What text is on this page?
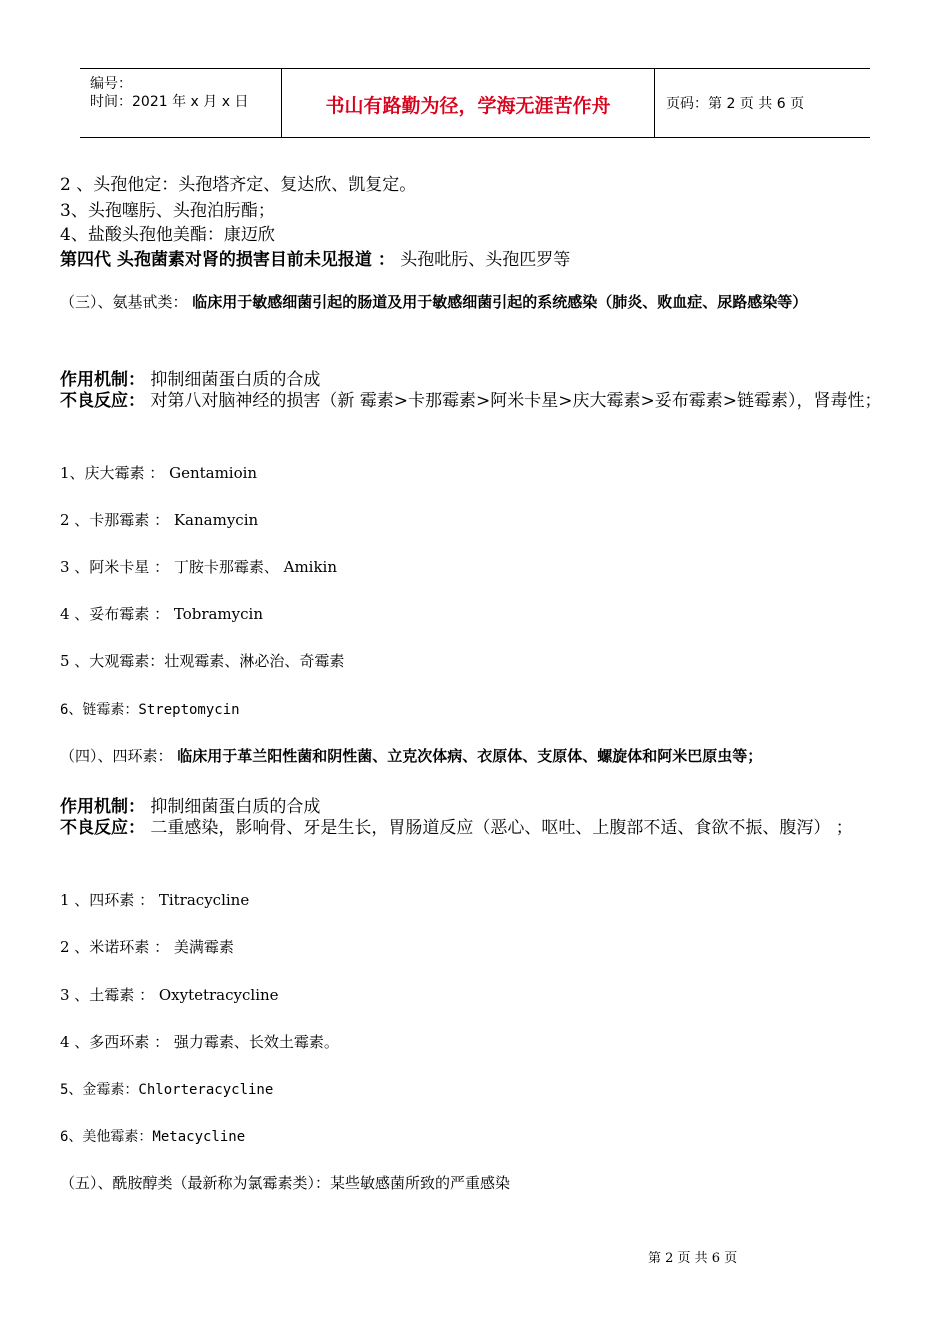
编号：
时间：2021 年 x 月 x 日	书山有路勤为径，学海无涯苦作舟	页码：第 2 页 共 6 页
2 、头孢他定：头孢塔齐定、复达欣、凯复定。
3、头孢噻肟、头孢泊肟酯；
4、盐酸头孢他美酯：康迈欣
第四代 头孢菌素对肾的损害目前未见报道 ： 头孢吡肟、头孢匹罗等
（三）、氨基甙类： 临床用于敏感细菌引起的肠道及用于敏感细菌引起的系统感染（肺炎、败血症、尿路感染等）
作用机制： 抑制细菌蛋白质的合成
不良反应： 对第八对脑神经的损害（新 霉素>卡那霉素>阿米卡星>庆大霉素>妥布霉素>链霉素），肾毒性；
1、庆大霉素 ： Gentamioin
2 、卡那霉素 ： Kanamycin
3 、阿米卡星 ： 丁胺卡那霉素、 Amikin
4 、妥布霉素 ： Tobramycin
5 、大观霉素：壮观霉素、淋必治、奇霉素
6、链霉素：Streptomycin
（四）、四环素： 临床用于革兰阳性菌和阴性菌、立克次体病、衣原体、支原体、螺旋体和阿米巴原虫等；
作用机制： 抑制细菌蛋白质的合成
不良反应： 二重感染，影响骨、牙是生长，胃肠道反应（恶心、呕吐、上腹部不适、食欲不振、腹泻） ；
1 、四环素 ： Titracycline
2 、米诺环素 ： 美满霉素
3 、土霉素 ： Oxytetracycline
4 、多西环素 ： 强力霉素、长效土霉素。
5、金霉素：Chlorteracycline
6、美他霉素：Metacycline
（五）、酰胺醇类（最新称为氯霉素类）：某些敏感菌所致的严重感染
第 2 页 共 6 页
